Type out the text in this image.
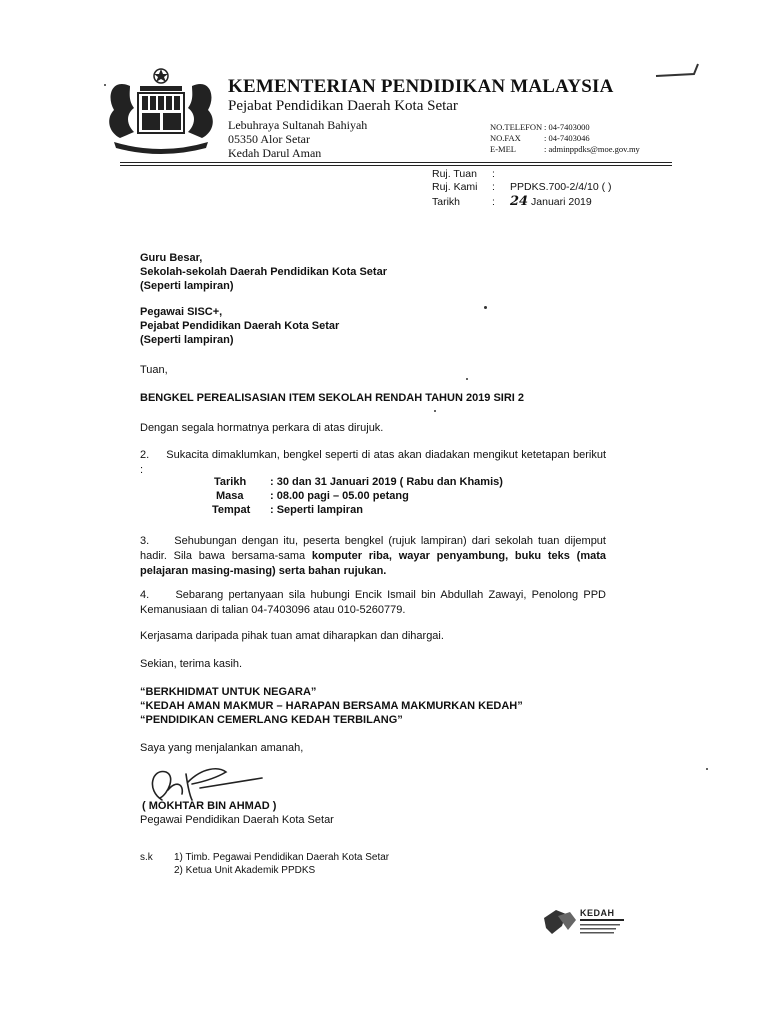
KEMENTERIAN PENDIDIKAN MALAYSIA
Pejabat Pendidikan Daerah Kota Setar
Lebuhraya Sultanah Bahiyah
05350 Alor Setar
Kedah Darul Aman
NO.TELEFON : 04-7403000
NO.FAX	: 04-7403046
E-MEL	: adminppdks@moe.gov.my
Ruj. Tuan :
Ruj. Kami : PPDKS.700-2/4/10 ( )
Tarikh	: 24 Januari 2019
Guru Besar,
Sekolah-sekolah Daerah Pendidikan Kota Setar
(Seperti lampiran)
Pegawai SISC+,
Pejabat Pendidikan Daerah Kota Setar
(Seperti lampiran)
Tuan,
BENGKEL PEREALISASIAN ITEM SEKOLAH RENDAH TAHUN 2019 SIRI 2
Dengan segala hormatnya perkara di atas dirujuk.
2.     Sukacita dimaklumkan, bengkel seperti di atas akan diadakan mengikut ketetapan berikut :
Tarikh : 30 dan 31 Januari 2019 ( Rabu dan Khamis)
Masa : 08.00 pagi – 05.00 petang
Tempat : Seperti lampiran
3.     Sehubungan dengan itu, peserta bengkel (rujuk lampiran) dari sekolah tuan dijemput hadir. Sila bawa bersama-sama komputer riba, wayar penyambung, buku teks (mata pelajaran masing-masing) serta bahan rujukan.
4.     Sebarang pertanyaan sila hubungi Encik Ismail bin Abdullah Zawayi, Penolong PPD Kemanusiaan di talian 04-7403096 atau 010-5260779.
Kerjasama daripada pihak tuan amat diharapkan dan dihargai.
Sekian, terima kasih.
“BERKHIDMAT UNTUK NEGARA”
“KEDAH AMAN MAKMUR – HARAPAN BERSAMA MAKMURKAN KEDAH”
“PENDIDIKAN CEMERLANG KEDAH TERBILANG”
Saya yang menjalankan amanah,
( MOKHTAR BIN AHMAD )
Pegawai Pendidikan Daerah Kota Setar
s.k 1) Timb. Pegawai Pendidikan Daerah Kota Setar
2) Ketua Unit Akademik PPDKS
KEDAH
